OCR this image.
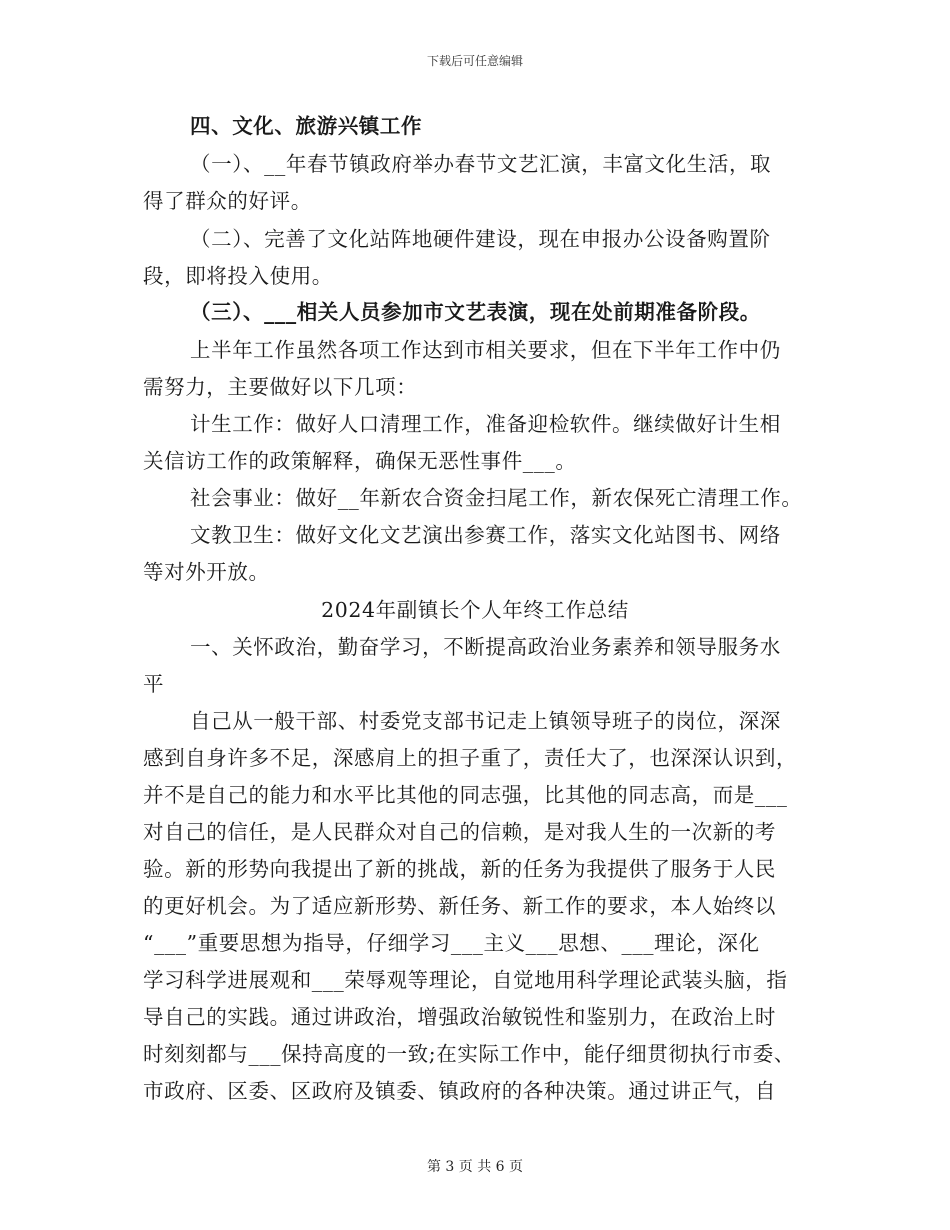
下载后可任意编辑
四、文化、旅游兴镇工作
（一）、__年春节镇政府举办春节文艺汇演，丰富文化生活，取
得了群众的好评。
（二）、完善了文化站阵地硬件建设，现在申报办公设备购置阶
段，即将投入使用。
（三）、___相关人员参加市文艺表演，现在处前期准备阶段。
上半年工作虽然各项工作达到市相关要求，但在下半年工作中仍
需努力，主要做好以下几项：
计生工作：做好人口清理工作，准备迎检软件。继续做好计生相
关信访工作的政策解释，确保无恶性事件___。
社会事业：做好__年新农合资金扫尾工作，新农保死亡清理工作。
文教卫生：做好文化文艺演出参赛工作，落实文化站图书、网络
等对外开放。
2024年副镇长个人年终工作总结
一、关怀政治，勤奋学习，不断提高政治业务素养和领导服务水
平
自己从一般干部、村委党支部书记走上镇领导班子的岗位，深深
感到自身许多不足，深感肩上的担子重了，责任大了，也深深认识到，
并不是自己的能力和水平比其他的同志强，比其他的同志高，而是___
对自己的信任，是人民群众对自己的信赖，是对我人生的一次新的考
验。新的形势向我提出了新的挑战，新的任务为我提供了服务于人民
的更好机会。为了适应新形势、新任务、新工作的要求，本人始终以
“___”重要思想为指导，仔细学习___主义___思想、___理论，深化
学习科学进展观和___荣辱观等理论，自觉地用科学理论武装头脑，指
导自己的实践。通过讲政治，增强政治敏锐性和鉴别力，在政治上时
时刻刻都与___保持高度的一致;在实际工作中，能仔细贯彻执行市委、
市政府、区委、区政府及镇委、镇政府的各种决策。通过讲正气，自
第 3 页 共 6 页
